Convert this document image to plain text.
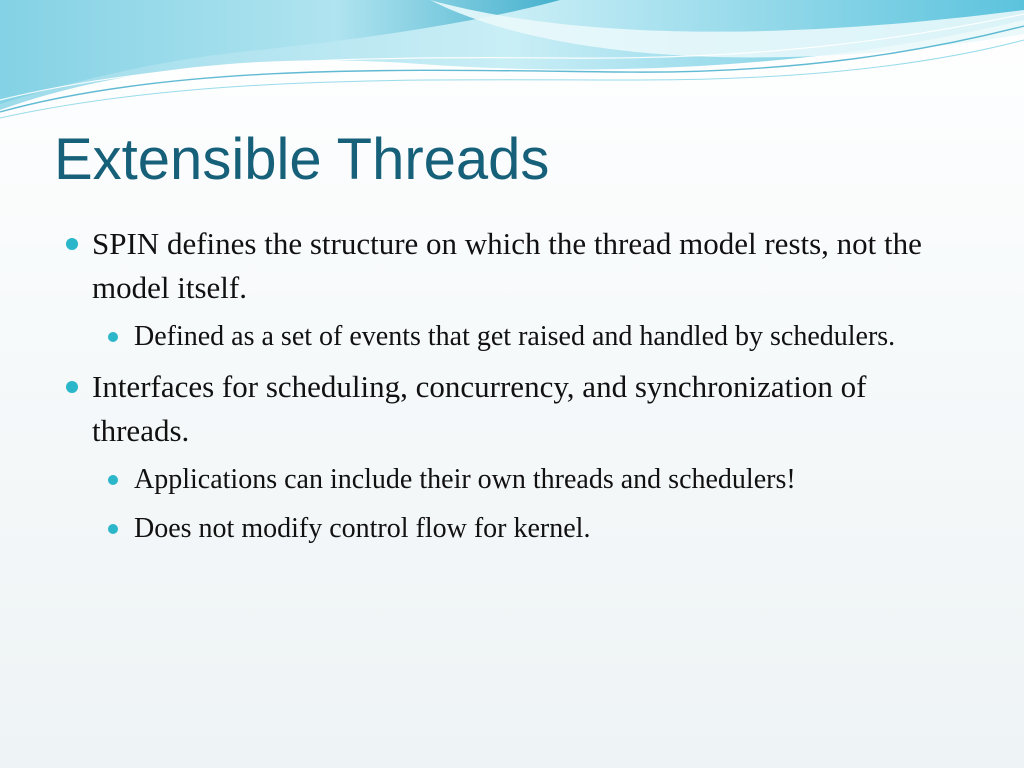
Extensible Threads
SPIN defines the structure on which the thread model rests, not the model itself.
Defined as a set of events that get raised and handled by schedulers.
Interfaces for scheduling, concurrency, and synchronization of threads.
Applications can include their own threads and schedulers!
Does not modify control flow for kernel.
